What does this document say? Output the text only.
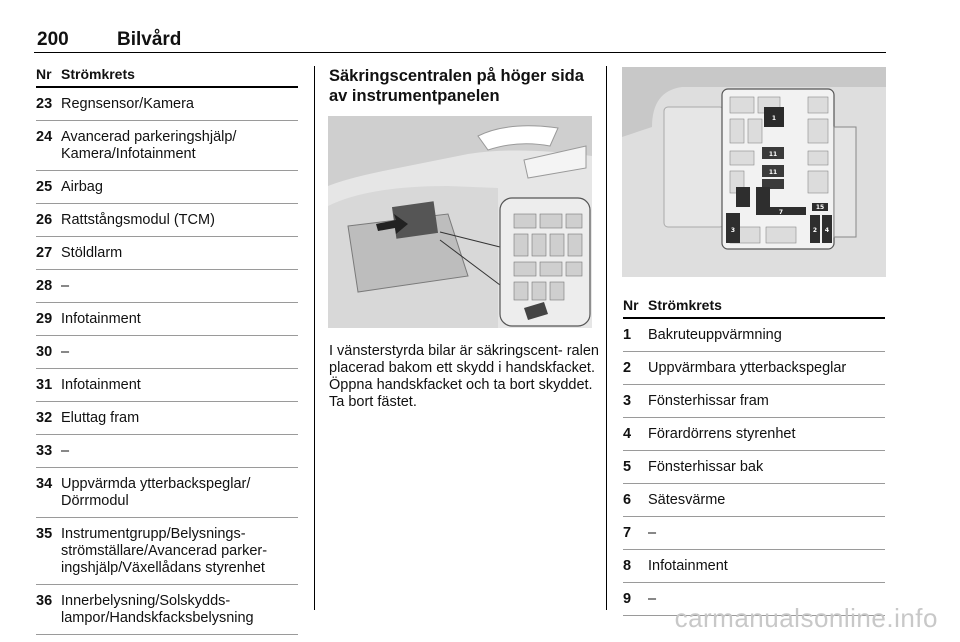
200	Bilvård
Nr Strömkrets
23 Regnsensor/Kamera
24 Avancerad parkeringshjälp/ Kamera/Infotainment
25 Airbag
26 Rattstångsmodul (TCM)
27 Stöldlarm
28 –
29 Infotainment
30 –
31 Infotainment
32 Eluttag fram
33 –
34 Uppvärmda ytterbackspeglar/ Dörrmodul
35 Instrumentgrupp/Belysnings- strömställare/Avancerad parker- ingshjälp/Växellådans styrenhet
36 Innerbelysning/Solskydds- lampor/Handskfacksbelysning
Säkringscentralen på höger sida av instrumentpanelen
I vänsterstyrda bilar är säkringscent- ralen placerad bakom ett skydd i handskfacket. Öppna handskfacket och ta bort skyddet. Ta bort fästet.
1
11
11
7
15
3	2 4
Nr Strömkrets
1	Bakruteuppvärmning
2	Uppvärmbara ytterbackspeglar
3	Fönsterhissar fram
4	Förardörrens styrenhet
5	Fönsterhissar bak
6	Sätesvärme
7	–
8	Infotainment
9	–
carmanualsonline.info
